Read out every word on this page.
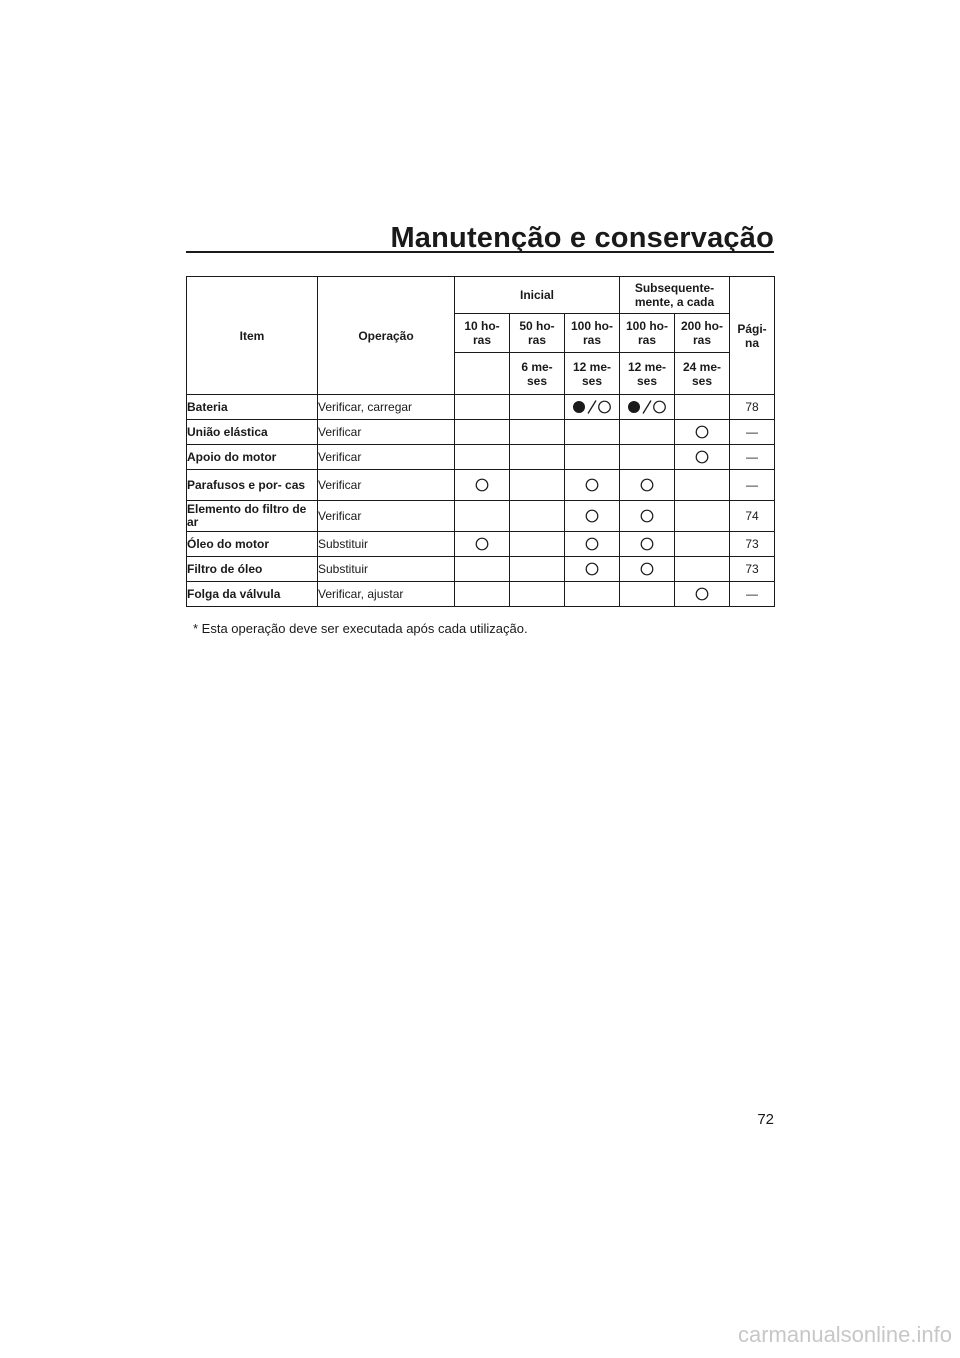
Manutenção e conservação
Item	Operação	Inicial			Subsequente- mente, a cada		Pági- na
		10 ho- ras	50 ho- ras	100 ho- ras	100 ho- ras	200 ho- ras	
			6 me- ses	12 me- ses	12 me- ses	24 me- ses	
Bateria	Verificar, carregar						78
União elástica	Verificar						—
Apoio do motor	Verificar						—
Parafusos e por- cas	Verificar						—
Elemento do filtro de ar	Verificar						74
Óleo do motor	Substituir						73
Filtro de óleo	Substituir						73
Folga da válvula	Verificar, ajustar						—
* Esta operação deve ser executada após cada utilização.
72
carmanualsonline.info
